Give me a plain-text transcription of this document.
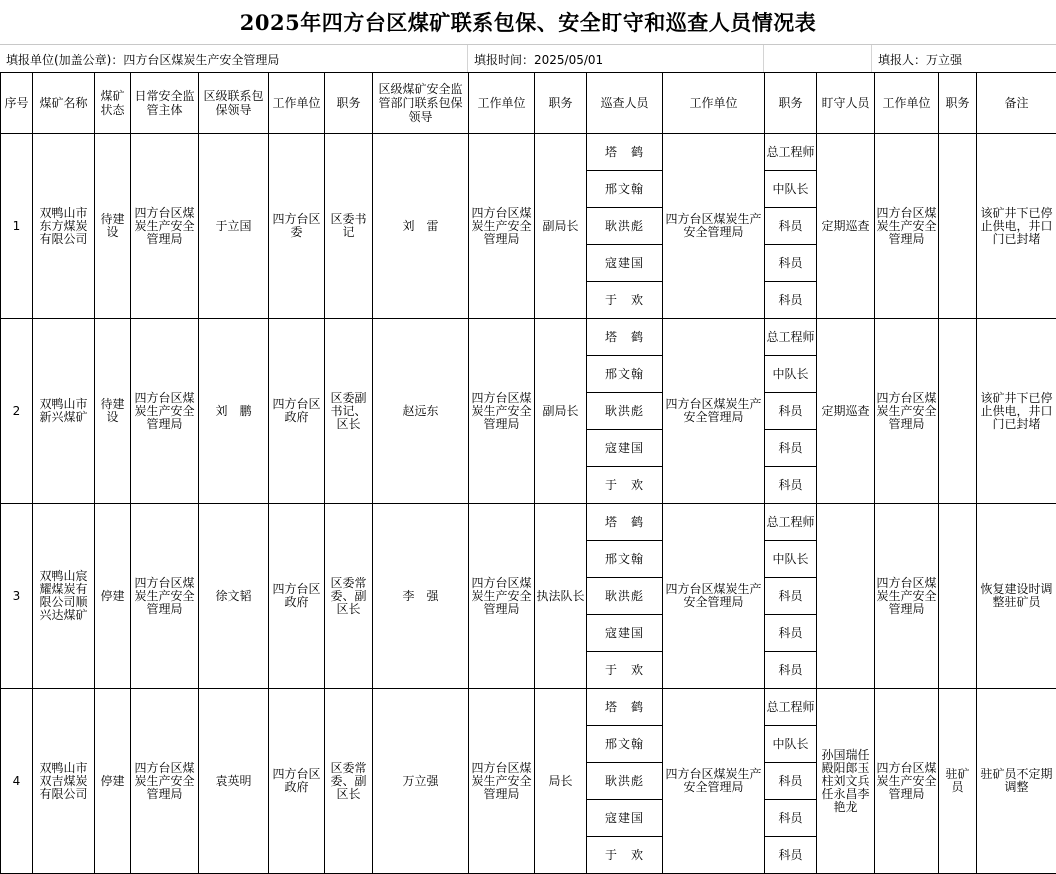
2025年四方台区煤矿联系包保、安全盯守和巡查人员情况表
填报单位(加盖公章)：四方台区煤炭生产安全管理局	填报时间：2025/05/01	填报人：万立强
序号	煤矿名称	煤矿状态	日常安全监管主体	区级联系包保领导	工作单位	职务	区级煤矿安全监管部门联系包保领导	工作单位	职务	巡查人员	工作单位	职务	盯守人员	工作单位	职务	备注
1	双鸭山市东方煤炭有限公司	待建设	四方台区煤炭生产安全管理局	于立国	四方台区委	区委书记	刘　雷	四方台区煤炭生产安全管理局	副局长	塔　鹤	四方台区煤炭生产安全管理局	总工程师	定期巡查	四方台区煤炭生产安全管理局		该矿井下已停止供电，井口门已封堵
										邢文翰		中队长				
										耿洪彪		科员				
										寇建国		科员				
										于　欢		科员				
2	双鸭山市新兴煤矿	待建设	四方台区煤炭生产安全管理局	刘　鹏	四方台区政府	区委副书记、区长	赵远东	四方台区煤炭生产安全管理局	副局长	塔　鹤	四方台区煤炭生产安全管理局	总工程师	定期巡查	四方台区煤炭生产安全管理局		该矿井下已停止供电，井口门已封堵
										邢文翰		中队长				
										耿洪彪		科员				
										寇建国		科员				
										于　欢		科员				
3	双鸭山宸耀煤炭有限公司顺兴达煤矿	停建	四方台区煤炭生产安全管理局	徐文韬	四方台区政府	区委常委、副区长	李　强	四方台区煤炭生产安全管理局	执法队长	塔　鹤	四方台区煤炭生产安全管理局	总工程师		四方台区煤炭生产安全管理局		恢复建设时调整驻矿员
										邢文翰		中队长				
										耿洪彪		科员				
										寇建国		科员				
										于　欢		科员				
4	双鸭山市双吉煤炭有限公司	停建	四方台区煤炭生产安全管理局	袁英明	四方台区政府	区委常委、副区长	万立强	四方台区煤炭生产安全管理局	局长	塔　鹤	四方台区煤炭生产安全管理局	总工程师	孙国瑞任殿阳郎玉柱刘文兵任永昌李艳龙	四方台区煤炭生产安全管理局	驻矿员	驻矿员不定期调整
										邢文翰		中队长				
										耿洪彪		科员				
										寇建国		科员				
										于　欢		科员				
